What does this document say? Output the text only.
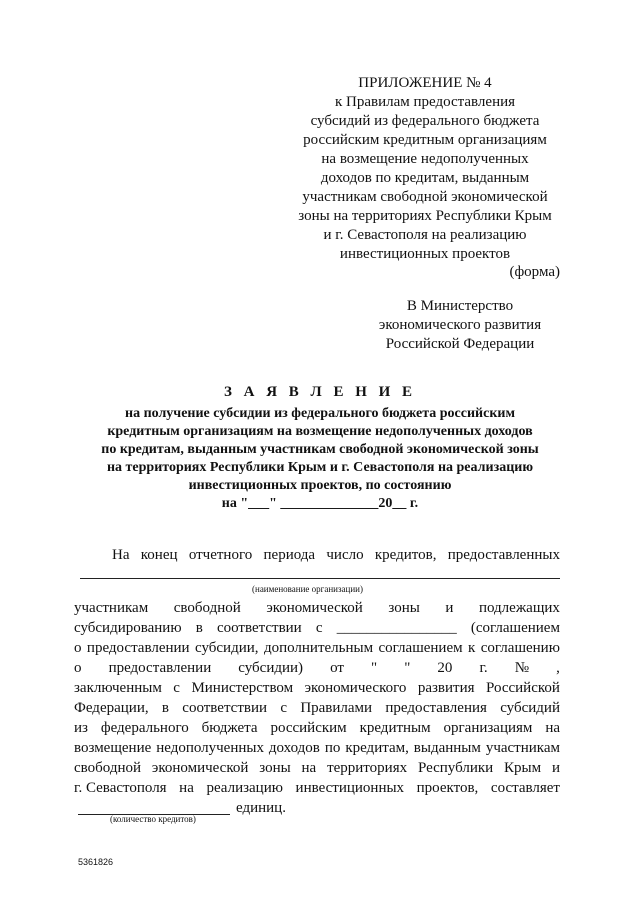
ПРИЛОЖЕНИЕ № 4
к Правилам предоставления
субсидий из федерального бюджета
российским кредитным организациям
на возмещение недополученных
доходов по кредитам, выданным
участникам свободной экономической
зоны на территориях Республики Крым
и г. Севастополя на реализацию
инвестиционных проектов
(форма)
В Министерство
экономического развития
Российской Федерации
З А Я В Л Е Н И Е
на получение субсидии из федерального бюджета российским
кредитным организациям на возмещение недополученных доходов
по кредитам, выданным участникам свободной экономической зоны
на территориях Республики Крым и г. Севастополя на реализацию
инвестиционных проектов, по состоянию
на "___" ______________20__ г.
На конец отчетного периода число кредитов, предоставленных
(наименование организации)
участникам свободной экономической зоны и подлежащих
субсидированию в соответствии с ________________ (соглашением
о предоставлении субсидии, дополнительным соглашением к соглашению
о предоставлении субсидии) от " " 20 г. № ,
заключенным с Министерством экономического развития Российской
Федерации, в соответствии с Правилами предоставления субсидий
из федерального бюджета российским кредитным организациям на
возмещение недополученных доходов по кредитам, выданным участникам
свободной экономической зоны на территориях Республики Крым и
г. Севастополя на реализацию инвестиционных проектов, составляет
единиц.
(количество кредитов)
5361826
